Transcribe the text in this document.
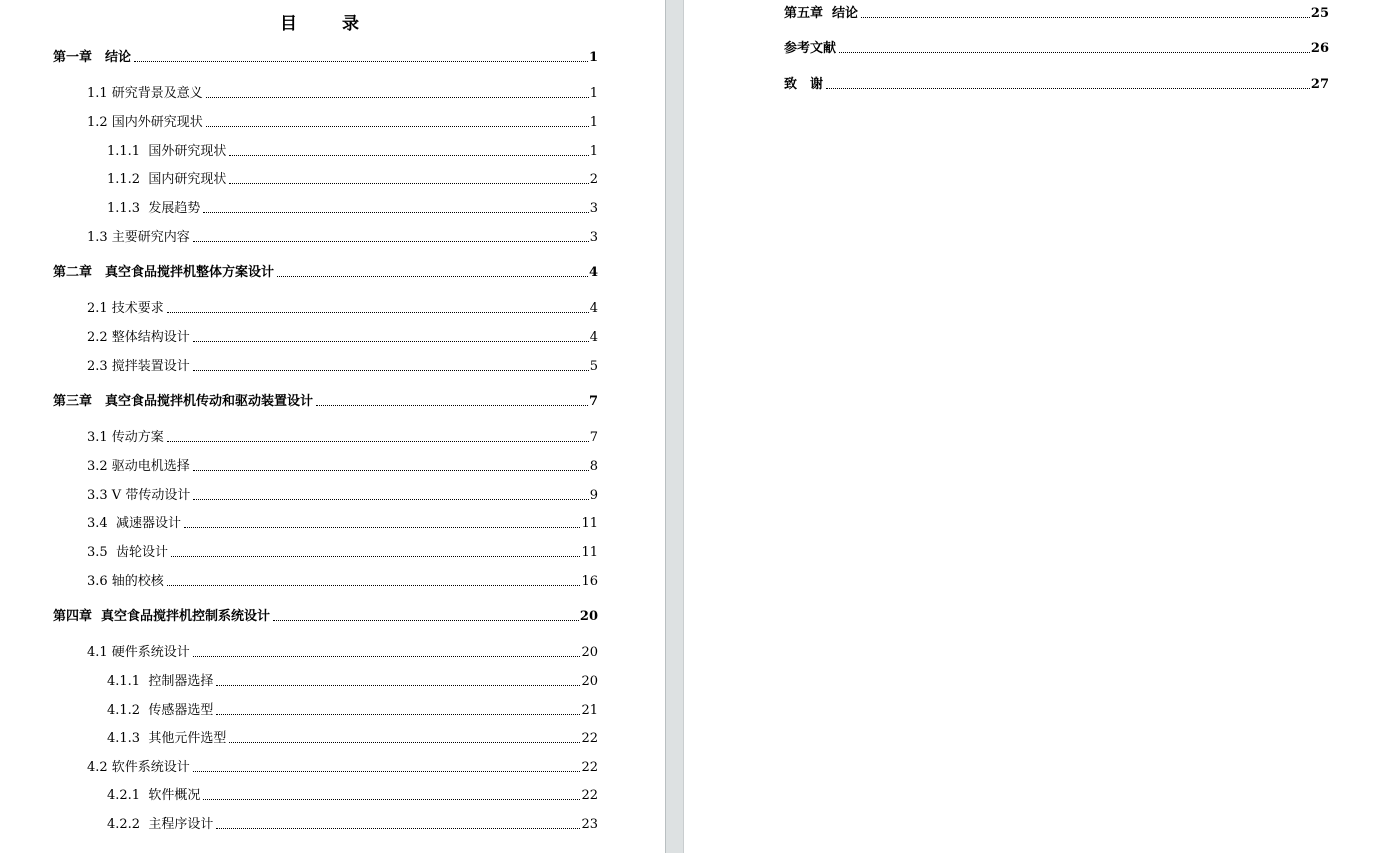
目　录
第一章　结论	1
1.1 研究背景及意义	1
1.2 国内外研究现状	1
1.1.1  国外研究现状	1
1.1.2  国内研究现状	2
1.1.3  发展趋势	3
1.3 主要研究内容	3
第二章　真空食品搅拌机整体方案设计	4
2.1 技术要求	4
2.2 整体结构设计	4
2.3 搅拌装置设计	5
第三章　真空食品搅拌机传动和驱动装置设计	7
3.1 传动方案	7
3.2 驱动电机选择	8
3.3 V 带传动设计	9
3.4  减速器设计	11
3.5  齿轮设计	11
3.6 轴的校核	16
第四章  真空食品搅拌机控制系统设计	20
4.1 硬件系统设计	20
4.1.1  控制器选择	20
4.1.2  传感器选型	21
4.1.3  其他元件选型	22
4.2 软件系统设计	22
4.2.1  软件概况	22
4.2.2  主程序设计	23
第五章  结论	25
参考文献	26
致　谢	27
